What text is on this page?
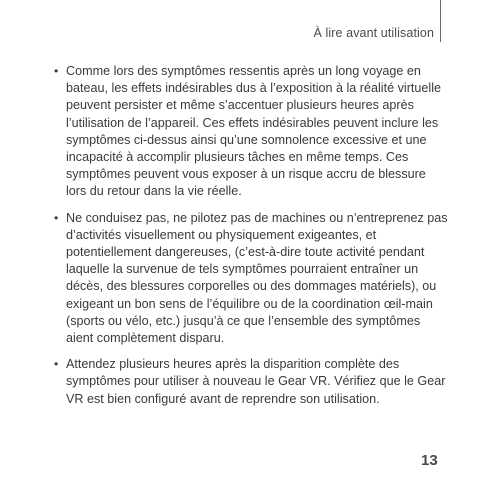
À lire avant utilisation
• Comme lors des symptômes ressentis après un long voyage en bateau, les effets indésirables dus à l’exposition à la réalité virtuelle peuvent persister et même s’accentuer plusieurs heures après l’utilisation de l’appareil. Ces effets indésirables peuvent inclure les symptômes ci-dessus ainsi qu’une somnolence excessive et une incapacité à accomplir plusieurs tâches en même temps. Ces symptômes peuvent vous exposer à un risque accru de blessure lors du retour dans la vie réelle.
• Ne conduisez pas, ne pilotez pas de machines ou n’entreprenez pas d’activités visuellement ou physiquement exigeantes, et potentiellement dangereuses, (c’est-à-dire toute activité pendant laquelle la survenue de tels symptômes pourraient entraîner un décès, des blessures corporelles ou des dommages matériels), ou exigeant un bon sens de l’équilibre ou de la coordination œil-main (sports ou vélo, etc.) jusqu’à ce que l’ensemble des symptômes aient complètement disparu.
• Attendez plusieurs heures après la disparition complète des symptômes pour utiliser à nouveau le Gear VR. Vérifiez que le Gear VR est bien configuré avant de reprendre son utilisation.
13
